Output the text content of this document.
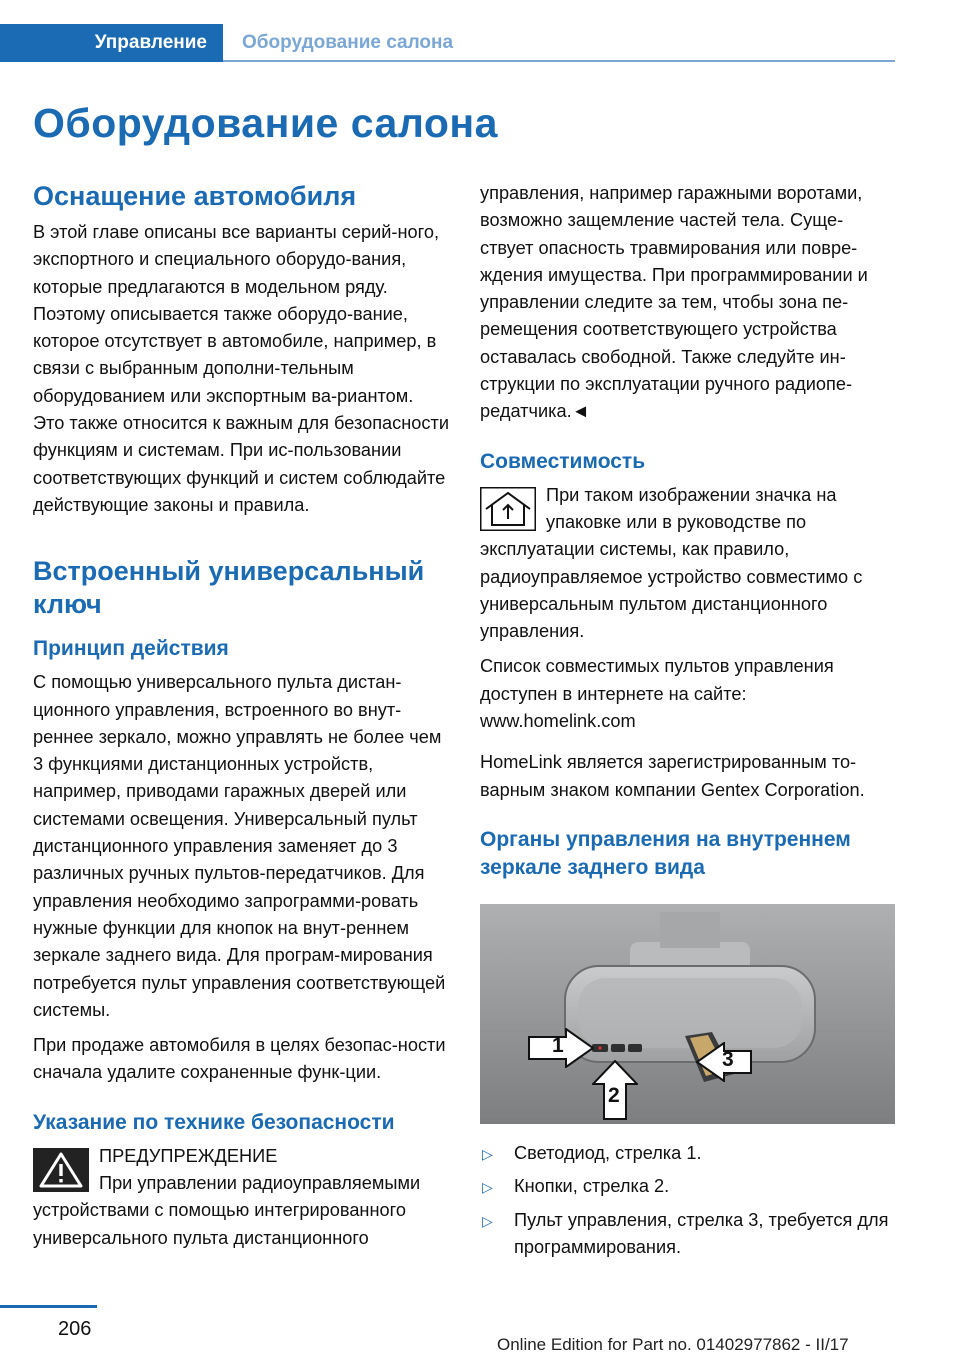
Управление	Оборудование салона
Оборудование салона
Оснащение автомобиля

В этой главе описаны все варианты серий-ного, экспортного и специального оборудо-вания, которые предлагаются в модельном ряду. Поэтому описывается также оборудо-вание, которое отсутствует в автомобиле, например, в связи с выбранным дополни-тельным оборудованием или экспортным ва-риантом. Это также относится к важным для безопасности функциям и системам. При ис-пользовании соответствующих функций и систем соблюдайте действующие законы и правила.

Встроенный универсальный ключ
Принцип действия

С помощью универсального пульта дистан-ционного управления, встроенного во внут-реннее зеркало, можно управлять не более чем 3 функциями дистанционных устройств, например, приводами гаражных дверей или системами освещения. Универсальный пульт дистанционного управления заменяет до 3 различных ручных пультов-передатчиков. Для управления необходимо запрограмми-ровать нужные функции для кнопок на внут-реннем зеркале заднего вида. Для програм-мирования потребуется пульт управления соответствующей системы.

При продаже автомобиля в целях безопас-ности сначала удалите сохраненные функ-ции.

Указание по технике безопасности

ПРЕДУПРЕЖДЕНИЕ

При управлении радиоуправляемыми устройствами с помощью интегрированного универсального пульта дистанционного

управления, например гаражными воротами, возможно защемление частей тела. Суще-ствует опасность травмирования или повре-ждения имущества. При программировании и управлении следите за тем, чтобы зона пе-ремещения соответствующего устройства оставалась свободной. Также следуйте ин-струкции по эксплуатации ручного радиопе-редатчика.◄

Совместимость

При таком изображении значка на упаковке или в руководстве по эксплуатации системы, как правило, радиоуправляемое устройство совместимо с универсальным пультом дистанционного управления.

Список совместимых пультов управления доступен в интернете на сайте:

www.homelink.com

HomeLink является зарегистрированным то-варным знаком компании Gentex Corporation.

Органы управления на внутреннем зеркале заднего вида
1
2
3
▷ Светодиод, стрелка 1.
▷ Кнопки, стрелка 2.
▷ Пульт управления, стрелка 3, требуется для программирования.
206
Online Edition for Part no. 01402977862 - II/17
